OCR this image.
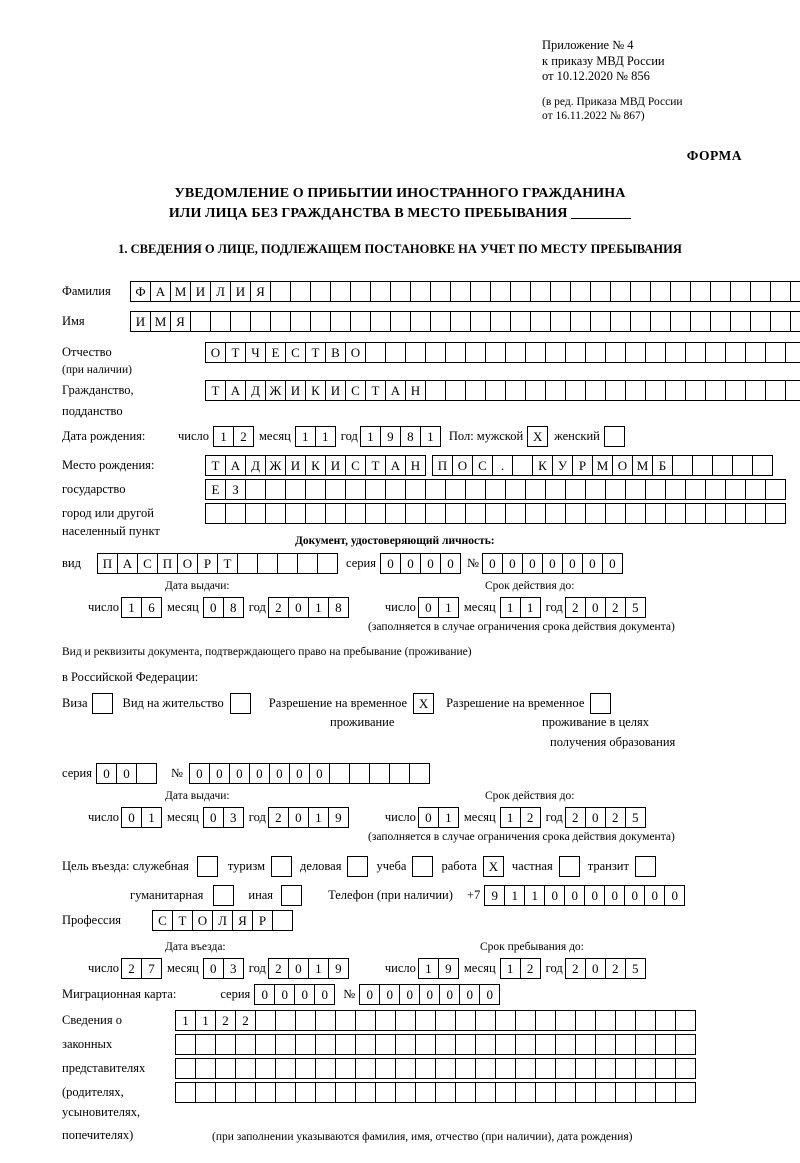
Приложение № 4
к приказу МВД России
от 10.12.2020 № 856
(в ред. Приказа МВД России
от 16.11.2022 № 867)
ФОРМА
УВЕДОМЛЕНИЕ О ПРИБЫТИИ ИНОСТРАННОГО ГРАЖДАНИНА
ИЛИ ЛИЦА БЕЗ ГРАЖДАНСТВА В МЕСТО ПРЕБЫВАНИЯ
1. СВЕДЕНИЯ О ЛИЦЕ, ПОДЛЕЖАЩЕМ ПОСТАНОВКЕ НА УЧЕТ ПО МЕСТУ ПРЕБЫВАНИЯ
Фамилия	Ф А М И Л И Я
Имя	И М Я
Отчество	О Т Ч Е С Т В О
(при наличии)
Гражданство,	Т А Д Ж И К И С Т А Н
подданство
Дата рождения:	число 1	2 месяц 1	1 год 1	9	8	1	Пол: мужской X женский
Место рождения:	Т А Д Ж И К И С Т А Н	П О С	.	К У Р М О М Б
государство	Е З
город или другой
населенный пункт
Документ, удостоверяющий личность:
вид	П А С П О Р Т	серия 0	0	0	0	№ 0	0	0	0	0	0	0
Дата выдачи:	Срок действия до:
число 1	6 месяц 0	8 год 2	0	1	8	число 0	1 месяц 1	1 год 2	0	2	5
(заполняется в случае ограничения срока действия документа)
Вид и реквизиты документа, подтверждающего право на пребывание (проживание)
в Российской Федерации:
Виза	Вид на жительство	Разрешение на временное X	Разрешение на временное
проживание	проживание в целях
получения образования
серия 0	0	№	0	0	0	0	0	0	0
Дата выдачи:	Срок действия до:
число 0	1 месяц 0	3 год 2	0	1	9	число 0	1 месяц 1	2 год 2	0	2	5
(заполняется в случае ограничения срока действия документа)
Цель въезда: служебная	туризм	деловая	учеба	работа X	частная	транзит
гуманитарная	иная	Телефон (при наличии) +7 9	1	1	0	0	0	0	0	0	0
Профессия	С Т О Л Я Р
Дата въезда:	Срок пребывания до:
число 2	7 месяц 0	3 год 2	0	1	9	число 1	9 месяц 1	2 год 2	0	2	5
Миграционная карта:	серия 0	0	0	0	№ 0	0	0	0	0	0	0
Сведения о	1	1	2	2
законных
представителях
(родителях,
усыновителях,
попечителях)	(при заполнении указываются фамилия, имя, отчество (при наличии), дата рождения)
